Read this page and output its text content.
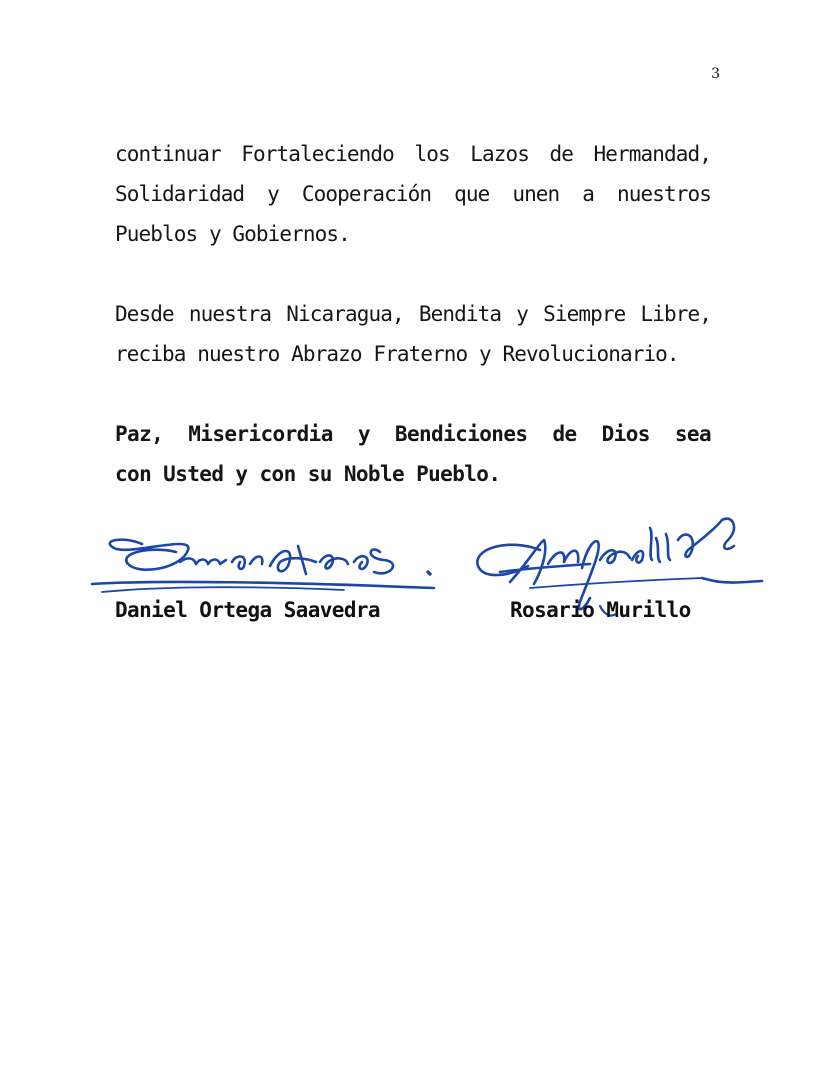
3
continuar Fortaleciendo los Lazos de Hermandad,
Solidaridad y Cooperación que unen a nuestros
Pueblos y Gobiernos.
Desde nuestra Nicaragua, Bendita y Siempre Libre,
reciba nuestro Abrazo Fraterno y Revolucionario.
Paz, Misericordia y Bendiciones de Dios sea
con Usted y con su Noble Pueblo.
Daniel Ortega Saavedra	Rosario Murillo
